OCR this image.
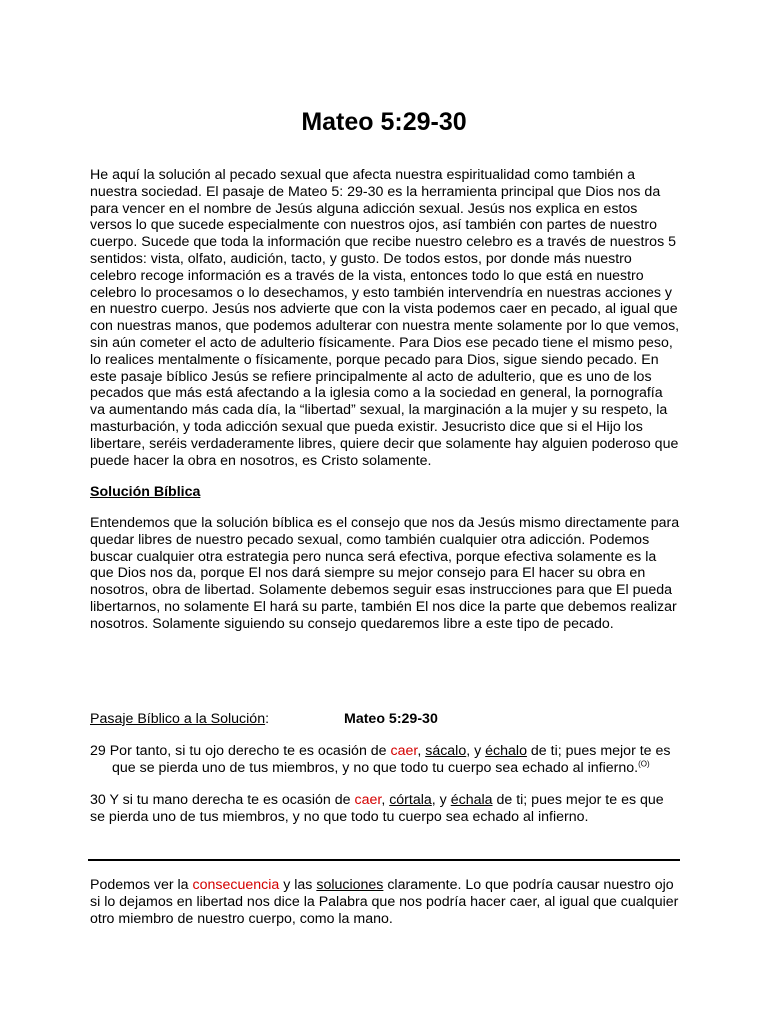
Mateo 5:29-30
He aquí la solución al pecado sexual que afecta nuestra espiritualidad como también a nuestra sociedad. El pasaje de Mateo 5: 29-30 es la herramienta principal que Dios nos da para vencer en el nombre de Jesús alguna adicción sexual. Jesús nos explica en estos versos lo que sucede especialmente con nuestros ojos, así también con partes de nuestro cuerpo. Sucede que toda la información que recibe nuestro celebro es a través de nuestros 5 sentidos: vista, olfato, audición, tacto, y gusto. De todos estos, por donde más nuestro celebro recoge información es a través de la vista, entonces todo lo que está en nuestro celebro lo procesamos o lo desechamos, y esto también intervendría en nuestras acciones y en nuestro cuerpo. Jesús nos advierte que con la vista podemos caer en pecado, al igual que con nuestras manos, que podemos adulterar con nuestra mente solamente por lo que vemos, sin aún cometer el acto de adulterio físicamente. Para Dios ese pecado tiene el mismo peso, lo realices mentalmente o físicamente, porque pecado para Dios, sigue siendo pecado. En este pasaje bíblico Jesús se refiere principalmente al acto de adulterio, que es uno de los pecados que más está afectando a la iglesia como a la sociedad en general, la pornografía va aumentando más cada día, la “libertad” sexual, la marginación a la mujer y su respeto, la masturbación, y toda adicción sexual que pueda existir. Jesucristo dice que si el Hijo los libertare, seréis verdaderamente libres, quiere decir que solamente hay alguien poderoso que puede hacer la obra en nosotros, es Cristo solamente.
Solución Bíblica
Entendemos que la solución bíblica es el consejo que nos da Jesús mismo directamente para quedar libres de nuestro pecado sexual, como también cualquier otra adicción. Podemos buscar cualquier otra estrategia pero nunca será efectiva, porque efectiva solamente es la que Dios nos da, porque El nos dará siempre su mejor consejo para El hacer su obra en nosotros, obra de libertad. Solamente debemos seguir esas instrucciones para que El pueda libertarnos, no solamente El hará su parte, también El nos dice la parte que debemos realizar nosotros. Solamente siguiendo su consejo quedaremos libre a este tipo de pecado.
Pasaje Bíblico a la Solución:	Mateo 5:29-30
29 Por tanto, si tu ojo derecho te es ocasión de caer, sácalo, y échalo de ti; pues mejor te es
que se pierda uno de tus miembros, y no que todo tu cuerpo sea echado al infierno.$^{(O)}$
30 Y si tu mano derecha te es ocasión de caer, córtala, y échala de ti; pues mejor te es que se pierda uno de tus miembros, y no que todo tu cuerpo sea echado al infierno.
Podemos ver la consecuencia y las soluciones claramente. Lo que podría causar nuestro ojo si lo dejamos en libertad nos dice la Palabra que nos podría hacer caer, al igual que cualquier otro miembro de nuestro cuerpo, como la mano.
